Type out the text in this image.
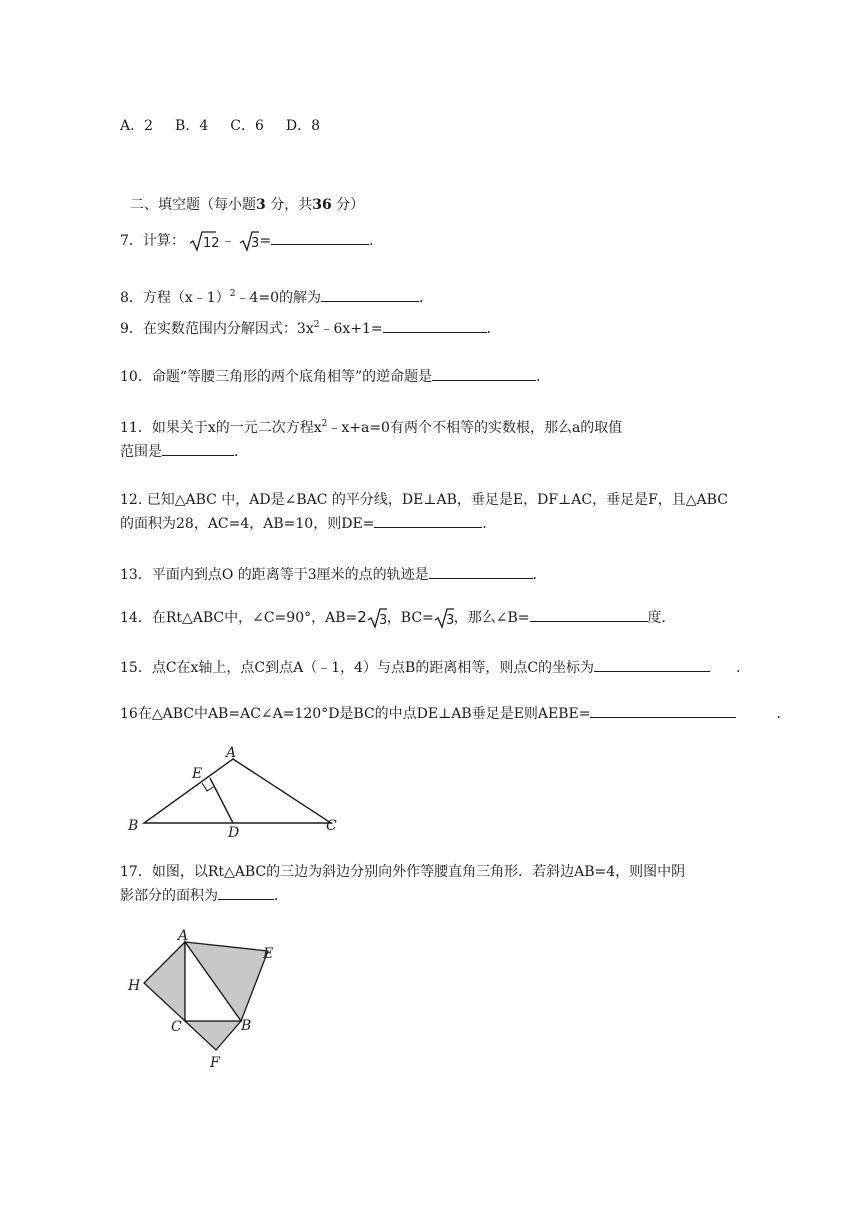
A．2 B．4 C．6 D．8
二、填空题（每小题3 分，共36 分）
7．计算： 12 ﹣ 3 =	．
8．方程（x﹣1）$^2$﹣4=0的解为	．
9．在实数范围内分解因式：$3x^2﹣6x+1=$	．
10．命题“等腰三角形的两个底角相等”的逆命题是	．
11．如果关于x的一元二次方程$x^2﹣x+a=0$有两个不相等的实数根，那么a的取值
范围是	．
12. 已知△ABC 中，AD是∠BAC 的平分线，DE⊥AB，垂足是E，DF⊥AC，垂足是F，且△ABC
的面积为28，AC=4，AB=10，则DE=	．
13．平面内到点O 的距离等于3厘米的点的轨迹是	．
14．在Rt△ABC中，∠C=90°，AB=2 3 ，BC= 3 ，那么∠B=	度．
15．点C在x轴上，点C到点A（﹣1，4）与点B的距离相等，则点C的坐标为	．
16在△ABC中AB=AC∠A=120°D是BC的中点DE⊥AB垂足是E则AEBE=	．
A
E
B	D	C
17．如图，以Rt△ABC的三边为斜边分别向外作等腰直角三角形．若斜边AB=4，则图中阴
影部分的面积为	．
A
E
H
C	B
F
